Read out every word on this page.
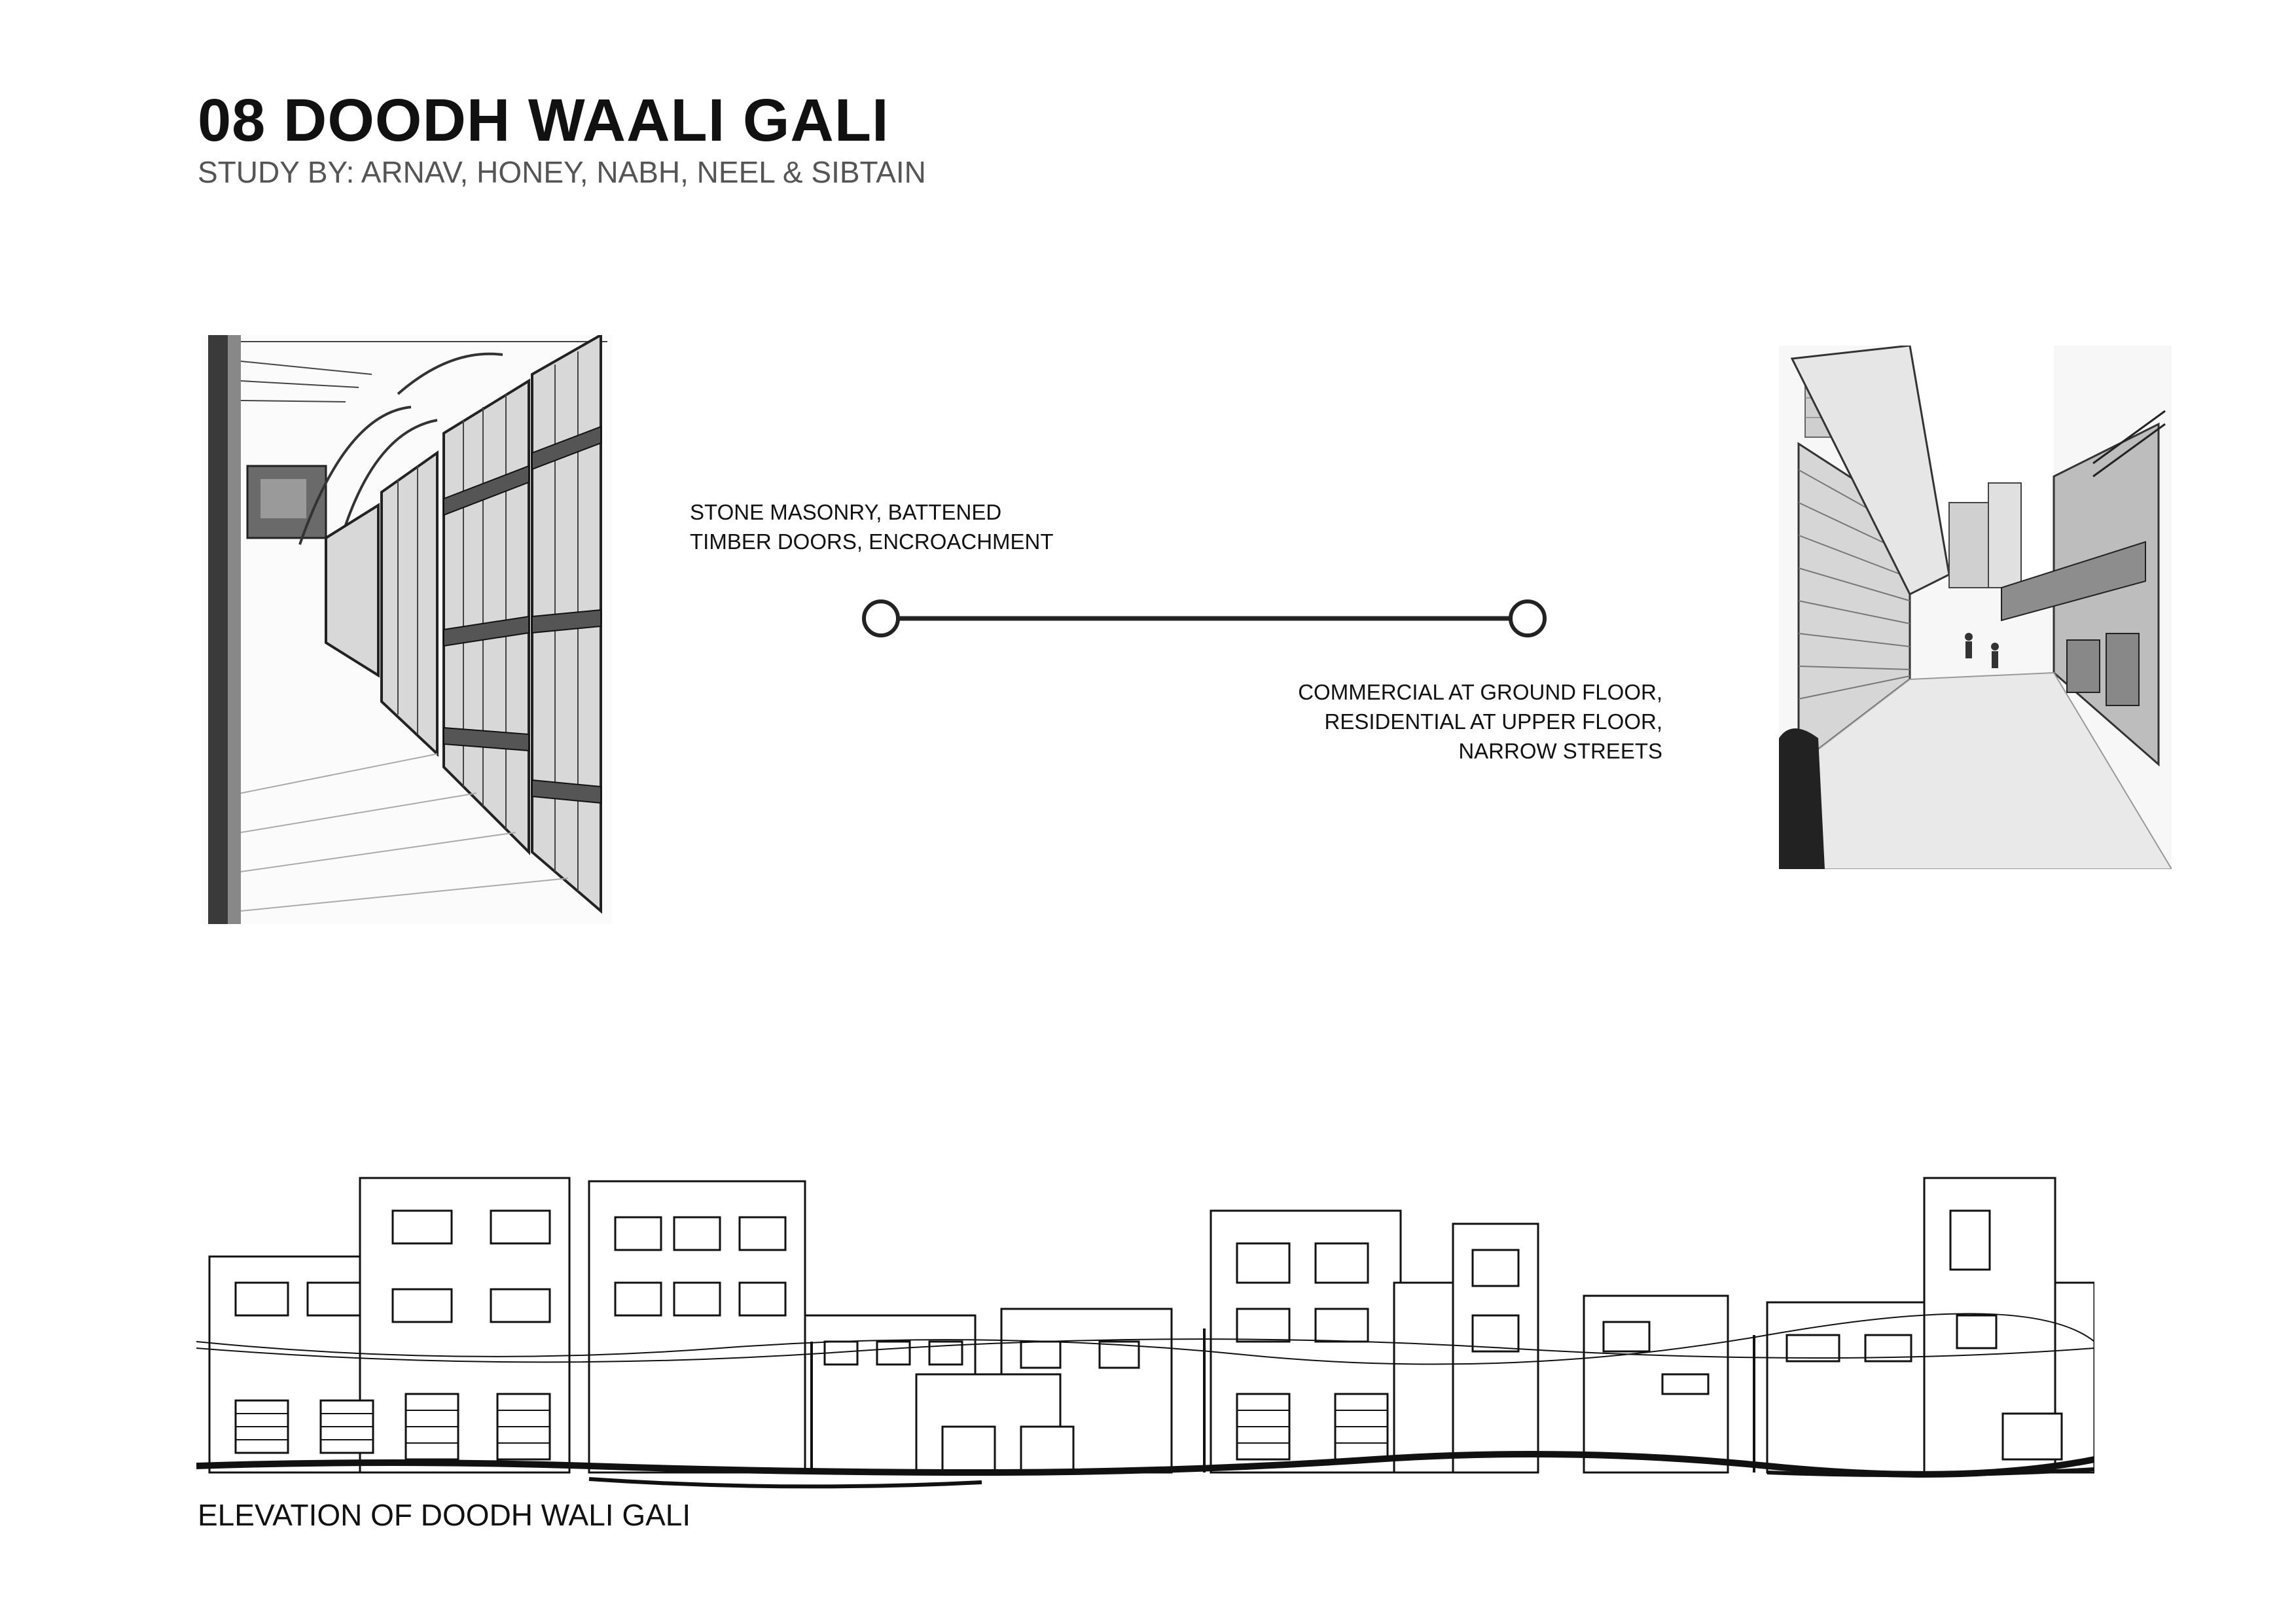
08 DOODH WAALI GALI

STUDY BY: ARNAV, HONEY, NABH, NEEL & SIBTAIN

STONE MASONRY, BATTENED
TIMBER DOORS, ENCROACHMENT
COMMERCIAL AT GROUND FLOOR,
RESIDENTIAL AT UPPER FLOOR,
NARROW STREETS

ELEVATION OF DOODH WALI GALI
